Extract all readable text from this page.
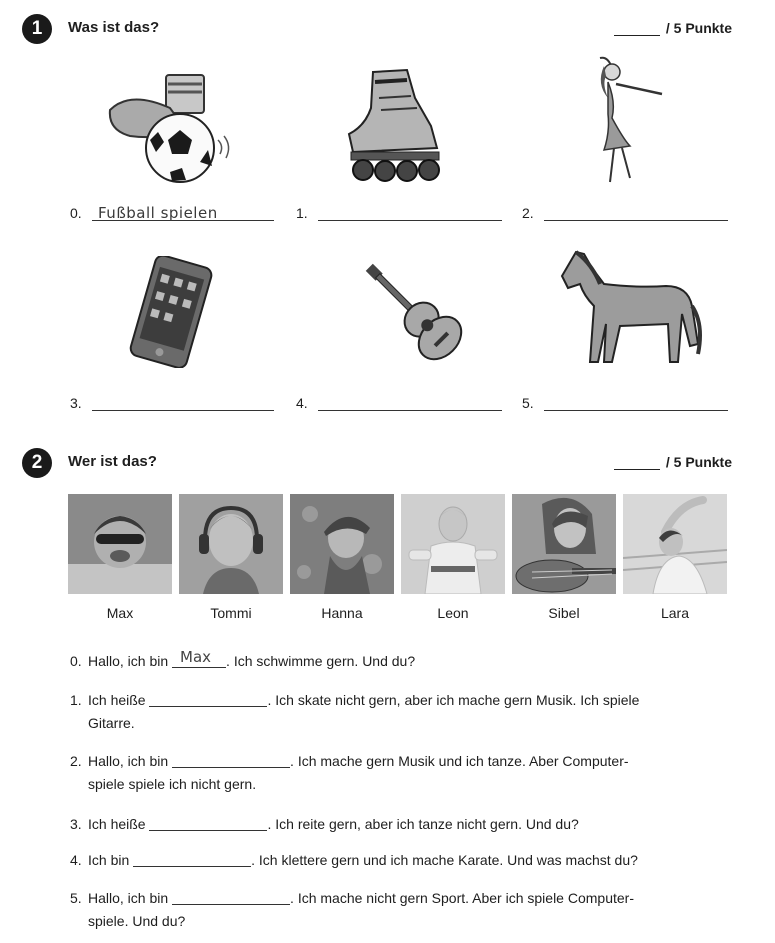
1	Was ist das?	/ 5 Punkte
0.	Fußball spielen	1.	2.
3.	4.	5.
2	Wer ist das?	/ 5 Punkte
Max	Tommi	Hanna	Leon	Sibel	Lara
0. Hallo, ich bin Max . Ich schwimme gern. Und du?
1. Ich heiße	. Ich skate nicht gern, aber ich mache gern Musik. Ich spiele
Gitarre.
2. Hallo, ich bin	. Ich mache gern Musik und ich tanze. Aber Computer-
spiele spiele ich nicht gern.
3. Ich heiße	. Ich reite gern, aber ich tanze nicht gern. Und du?
4. Ich bin	. Ich klettere gern und ich mache Karate. Und was machst du?
5. Hallo, ich bin	. Ich mache nicht gern Sport. Aber ich spiele Computer-
spiele. Und du?
